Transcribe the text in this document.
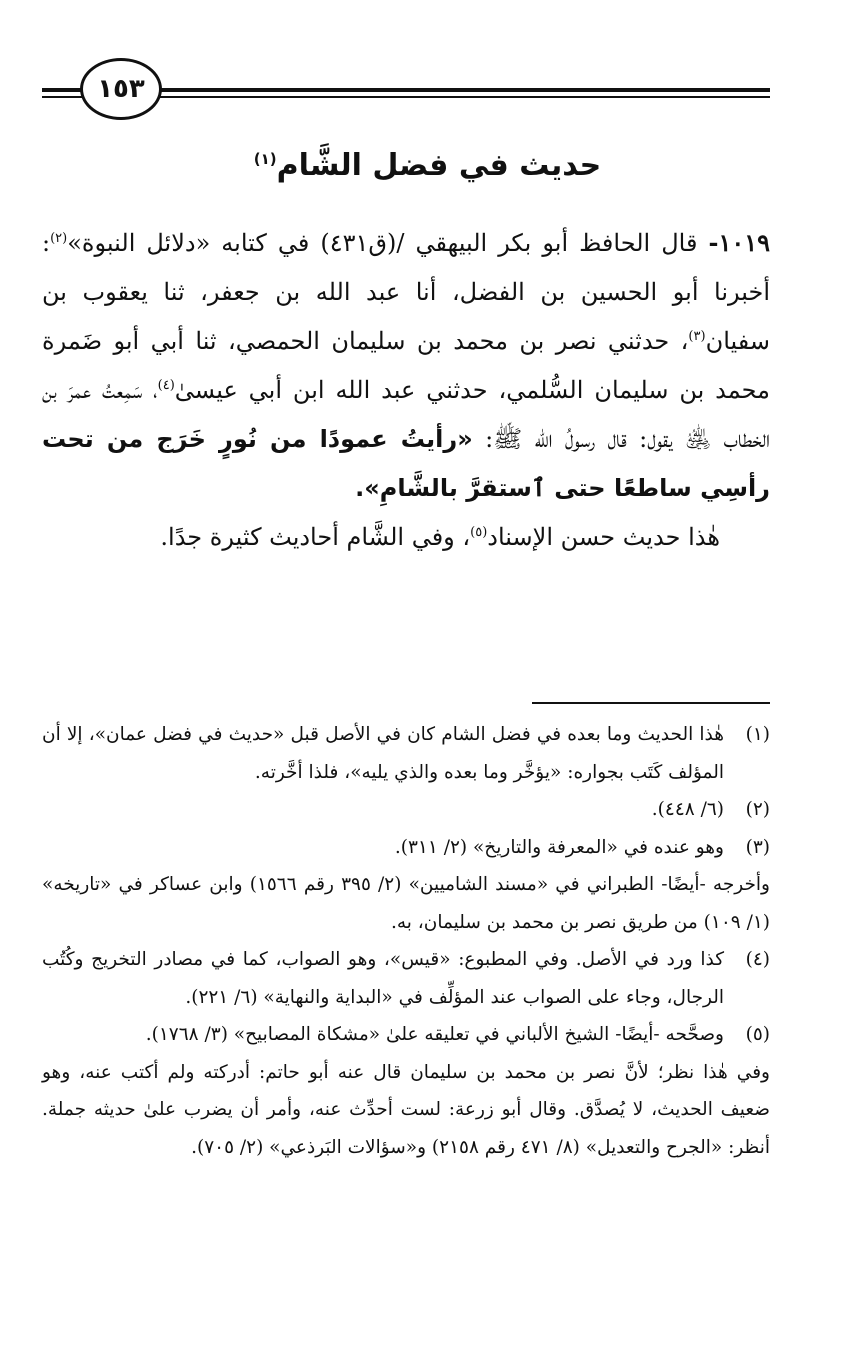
١٥٣
حديث في فضل الشَّام$^{(١)}$

١٠١٩- قال الحافظ أبو بكر البيهقي /(ق٤٣١) في كتابه «دلائل النبوة»$^{(٢)}$: أخبرنا أبو الحسين بن الفضل، أنا عبد الله بن جعفر، ثنا يعقوب بن سفيان$^{(٣)}$، حدثني نصر بن محمد بن سليمان الحمصي، ثنا أبي أبو ضَمرة محمد بن سليمان السُّلمي، حدثني عبد الله ابن أبي عيسىٰ$^{(٤)}$، سَمِعتُ عمرَ بن الخطاب ﵁ يقول: قال رسولُ الله ﷺ: «رأيتُ عمودًا من نُورٍ خَرَج من تحت رأسِي ساطعًا حتى ٱستقرَّ بالشَّامِ».

هٰذا حديث حسن الإسناد$^{(٥)}$، وفي الشَّام أحاديث كثيرة جدًا.

(١)
هٰذا الحديث وما بعده في فضل الشام كان في الأصل قبل «حديث في فضل عمان»، إلا أن المؤلف كَتَب بجواره: «يؤخَّر وما بعده والذي يليه»، فلذا أخَّرته.
(٢)
(٦/ ٤٤٨).
(٣)
وهو عنده في «المعرفة والتاريخ» (٢/ ٣١١).

وأخرجه -أيضًا- الطبراني في «مسند الشاميين» (٢/ ٣٩٥ رقم ١٥٦٦) وابن عساكر في «تاريخه» (١/ ١٠٩) من طريق نصر بن محمد بن سليمان، به.

(٤)
كذا ورد في الأصل. وفي المطبوع: «قيس»، وهو الصواب، كما في مصادر التخريج وكُتُب الرجال، وجاء على الصواب عند المؤلِّف في «البداية والنهاية» (٦/ ٢٢١).
(٥)
وصحَّحه -أيضًا- الشيخ الألباني في تعليقه علىٰ «مشكاة المصابيح» (٣/ ١٧٦٨).

وفي هٰذا نظر؛ لأنَّ نصر بن محمد بن سليمان قال عنه أبو حاتم: أدركته ولم أكتب عنه، وهو ضعيف الحديث، لا يُصدَّق. وقال أبو زرعة: لست أحدِّث عنه، وأمر أن يضرب علىٰ حديثه جملة. أنظر: «الجرح والتعديل» (٨/ ٤٧١ رقم ٢١٥٨) و«سؤالات البَرذعي» (٢/ ٧٠٥).
